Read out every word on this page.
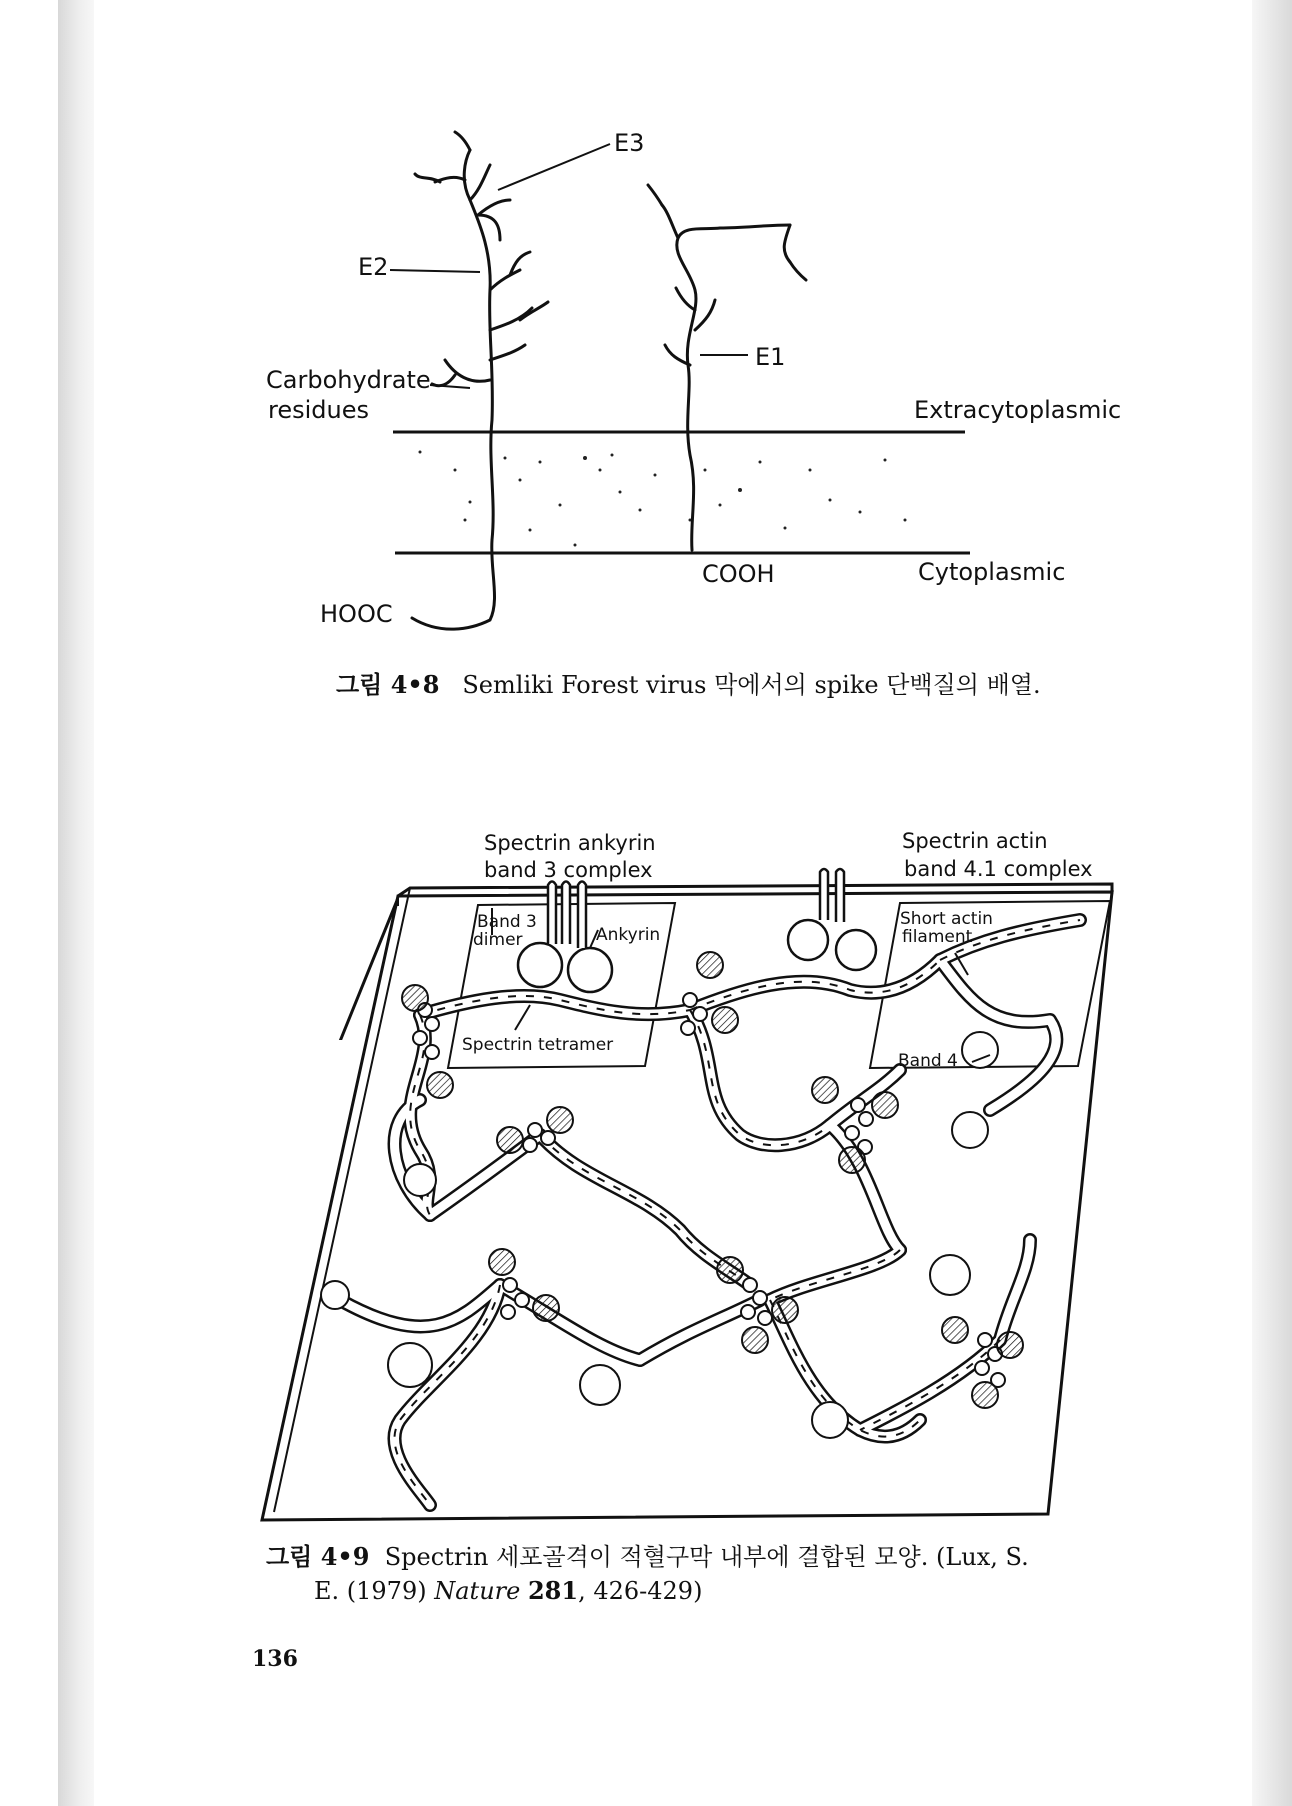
E3
E2
E1
Carbohydrate
residues	Extracytoplasmic
Cytoplasmic
HOOC
COOH
그림 4•8 Semliki Forest virus 막에서의 spike 단백질의 배열.
Spectrin ankyrin
band 3 complex
Spectrin actin
band 4.1 complex
Band 3
dimer	Ankyrin
Short actin
filament
Spectrin tetramer
Band 4
그림 4•9 Spectrin 세포골격이 적혈구막 내부에 결합된 모양. (Lux, S.
E. (1979) Nature 281, 426-429)
136
